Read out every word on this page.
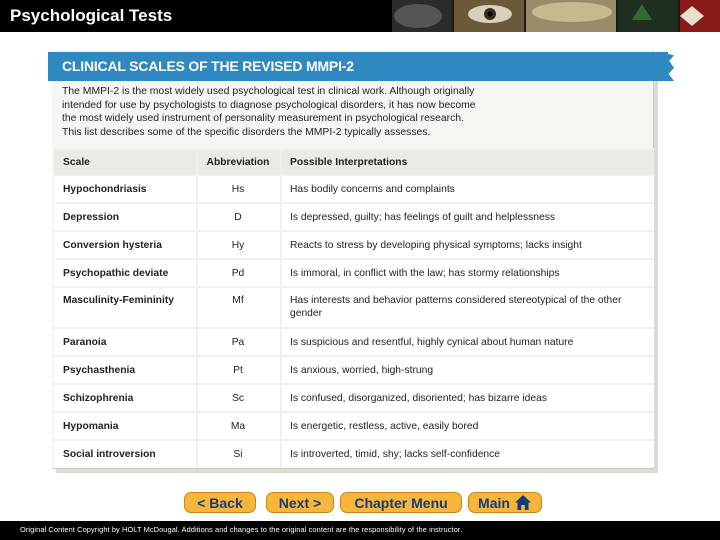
Psychological Tests
CLINICAL SCALES OF THE REVISED MMPI-2
The MMPI-2 is the most widely used psychological test in clinical work. Although originally
intended for use by psychologists to diagnose psychological disorders, it has now become
the most widely used instrument of personality measurement in psychological research.
This list describes some of the specific disorders the MMPI-2 typically assesses.
Scale	Abbreviation	Possible Interpretations
Hypochondriasis	Hs	Has bodily concerns and complaints
Depression	D	Is depressed, guilty; has feelings of guilt and helplessness
Conversion hysteria	Hy	Reacts to stress by developing physical symptoms; lacks insight
Psychopathic deviate	Pd	Is immoral, in conflict with the law; has stormy relationships
Masculinity-Femininity	Mf	Has interests and behavior patterns considered stereotypical of the other gender
Paranoia	Pa	Is suspicious and resentful, highly cynical about human nature
Psychasthenia	Pt	Is anxious, worried, high-strung
Schizophrenia	Sc	Is confused, disorganized, disoriented; has bizarre ideas
Hypomania	Ma	Is energetic, restless, active, easily bored
Social introversion	Si	Is introverted, timid, shy; lacks self-confidence
< Back	Next > Chapter Menu Main
Original Content Copyright by HOLT McDougal. Additions and changes to the original content are the responsibility of the instructor.
